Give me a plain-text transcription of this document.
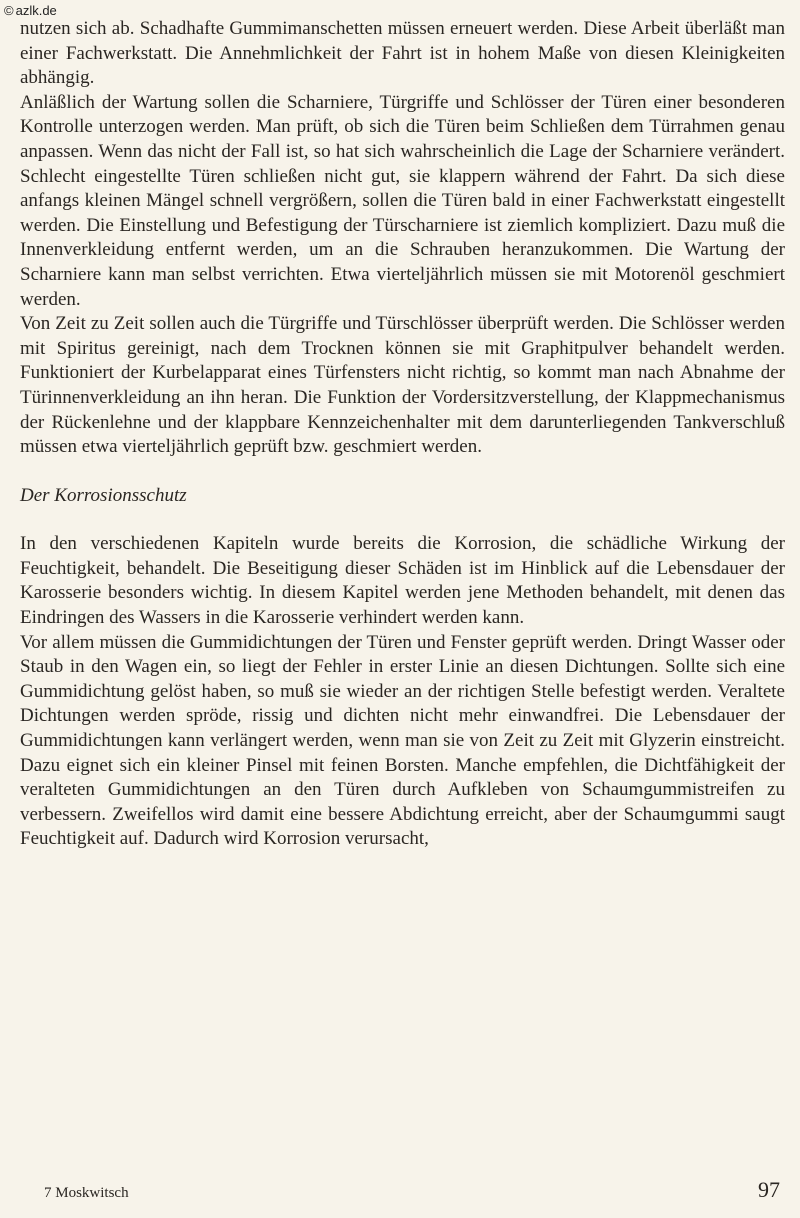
© azlk.de

nutzen sich ab. Schadhafte Gummimanschetten müssen erneuert werden. Diese Arbeit überläßt man einer Fachwerkstatt. Die Annehmlichkeit der Fahrt ist in hohem Maße von diesen Kleinigkeiten abhängig.

Anläßlich der Wartung sollen die Scharniere, Türgriffe und Schlösser der Türen einer besonderen Kontrolle unterzogen werden. Man prüft, ob sich die Türen beim Schließen dem Türrahmen genau anpassen. Wenn das nicht der Fall ist, so hat sich wahrscheinlich die Lage der Scharniere verändert. Schlecht eingestellte Türen schließen nicht gut, sie klappern während der Fahrt. Da sich diese anfangs kleinen Mängel schnell vergrößern, sollen die Türen bald in einer Fachwerkstatt eingestellt werden. Die Einstellung und Befestigung der Türscharniere ist ziemlich kompliziert. Dazu muß die Innenverkleidung entfernt werden, um an die Schrauben heranzukommen. Die Wartung der Scharniere kann man selbst verrichten. Etwa vierteljährlich müssen sie mit Motorenöl geschmiert werden.

Von Zeit zu Zeit sollen auch die Türgriffe und Türschlösser überprüft werden. Die Schlösser werden mit Spiritus gereinigt, nach dem Trocknen können sie mit Graphitpulver behandelt werden. Funktioniert der Kurbelapparat eines Türfensters nicht richtig, so kommt man nach Abnahme der Türinnenverkleidung an ihn heran. Die Funktion der Vordersitzverstellung, der Klappmechanismus der Rückenlehne und der klappbare Kennzeichenhalter mit dem darunterliegenden Tankverschluß müssen etwa vierteljährlich geprüft bzw. geschmiert werden.

Der Korrosionsschutz

In den verschiedenen Kapiteln wurde bereits die Korrosion, die schädliche Wirkung der Feuchtigkeit, behandelt. Die Beseitigung dieser Schäden ist im Hinblick auf die Lebensdauer der Karosserie besonders wichtig. In diesem Kapitel werden jene Methoden behandelt, mit denen das Eindringen des Wassers in die Karosserie verhindert werden kann.

Vor allem müssen die Gummidichtungen der Türen und Fenster geprüft werden. Dringt Wasser oder Staub in den Wagen ein, so liegt der Fehler in erster Linie an diesen Dichtungen. Sollte sich eine Gummidichtung gelöst haben, so muß sie wieder an der richtigen Stelle befestigt werden. Veraltete Dichtungen werden spröde, rissig und dichten nicht mehr einwandfrei. Die Lebensdauer der Gummidichtungen kann verlängert werden, wenn man sie von Zeit zu Zeit mit Glyzerin einstreicht. Dazu eignet sich ein kleiner Pinsel mit feinen Borsten. Manche empfehlen, die Dichtfähigkeit der veralteten Gummidichtungen an den Türen durch Aufkleben von Schaumgummistreifen zu verbessern. Zweifellos wird damit eine bessere Abdichtung erreicht, aber der Schaumgummi saugt Feuchtigkeit auf. Dadurch wird Korrosion verursacht,

7 Moskwitsch	97
